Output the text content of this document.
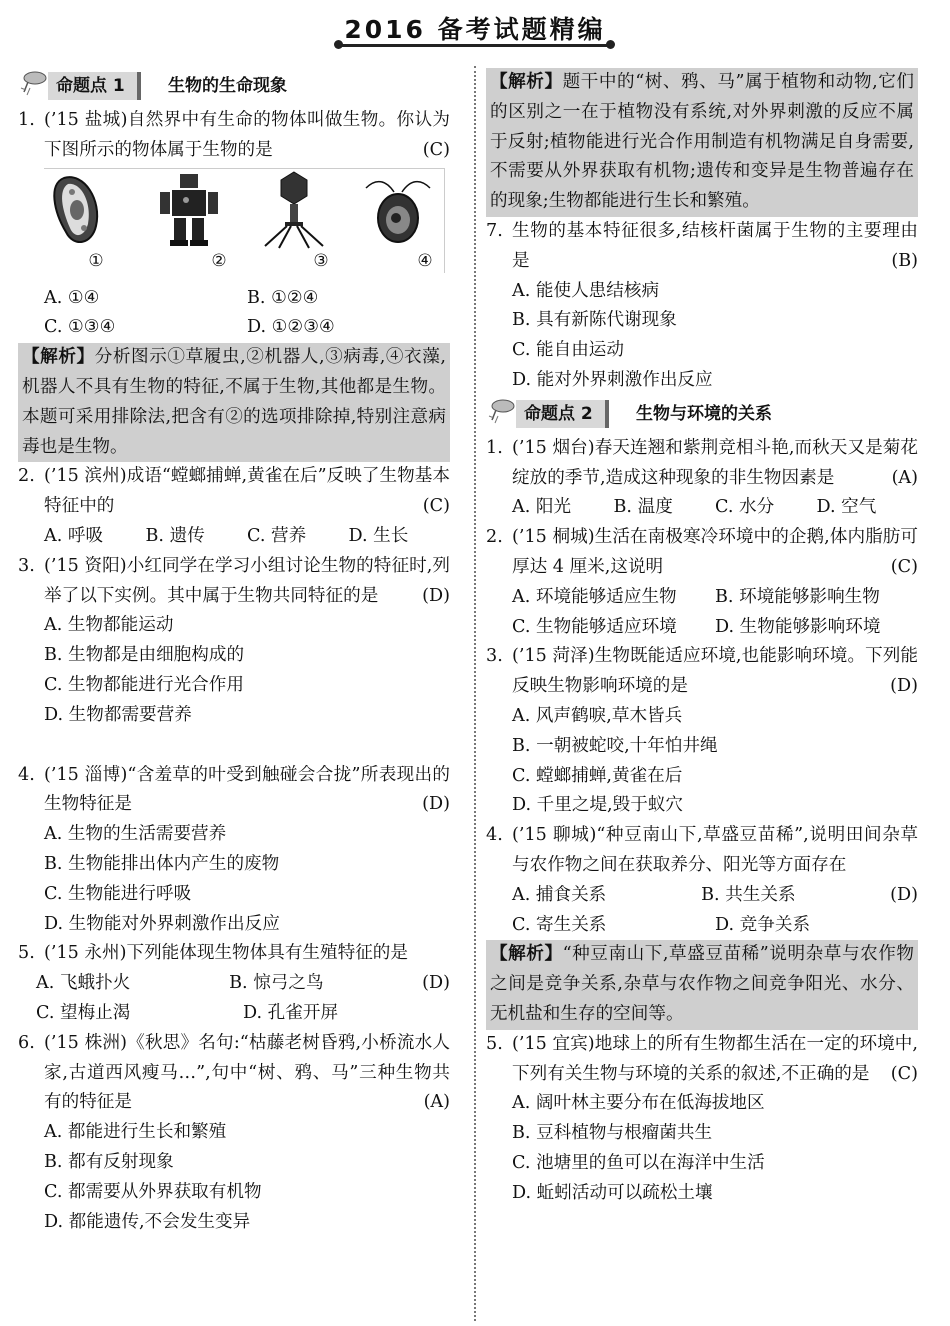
2016 备考试题精编
命题点 1	生物的生命现象
1. (’15 盐城)自然界中有生命的物体叫做生物。你认为下图所示的物体属于生物的是	(C)
①	②	③	④
A. ①④	B. ①②④
C. ①③④	D. ①②③④
【解析】分析图示①草履虫,②机器人,③病毒,④衣藻,机器人不具有生物的特征,不属于生物,其他都是生物。本题可采用排除法,把含有②的选项排除掉,特别注意病毒也是生物。
2. (’15 滨州)成语“螳螂捕蝉,黄雀在后”反映了生物基本特征中的	(C)
A. 呼吸	B. 遗传	C. 营养	D. 生长
3. (’15 资阳)小红同学在学习小组讨论生物的特征时,列举了以下实例。其中属于生物共同特征的是 (D)
A. 生物都能运动
B. 生物都是由细胞构成的
C. 生物都能进行光合作用
D. 生物都需要营养
4. (’15 淄博)“含羞草的叶受到触碰会合拢”所表现出的生物特征是	(D)
A. 生物的生活需要营养
B. 生物能排出体内产生的废物
C. 生物能进行呼吸
D. 生物能对外界刺激作出反应
5. (’15 永州)下列能体现生物体具有生殖特征的是

(D)
A. 飞蛾扑火	B. 惊弓之鸟
C. 望梅止渴	D. 孔雀开屏
6. (’15 株洲)《秋思》名句:“枯藤老树昏鸦,小桥流水人家,古道西风瘦马…”,句中“树、鸦、马”三种生物共有的特征是	(A)
A. 都能进行生长和繁殖
B. 都有反射现象
C. 都需要从外界获取有机物
D. 都能遗传,不会发生变异
【解析】题干中的“树、鸦、马”属于植物和动物,它们的区别之一在于植物没有系统,对外界刺激的反应不属于反射;植物能进行光合作用制造有机物满足自身需要,不需要从外界获取有机物;遗传和变异是生物普遍存在的现象;生物都能进行生长和繁殖。
7. 生物的基本特征很多,结核杆菌属于生物的主要理由是	(B)
A. 能使人患结核病
B. 具有新陈代谢现象
C. 能自由运动
D. 能对外界刺激作出反应
命题点 2	生物与环境的关系
1. (’15 烟台)春天连翘和紫荆竞相斗艳,而秋天又是菊花绽放的季节,造成这种现象的非生物因素是	(A)
A. 阳光	B. 温度	C. 水分	D. 空气
2. (’15 桐城)生活在南极寒冷环境中的企鹅,体内脂肪可厚达 4 厘米,这说明	(C)
A. 环境能够适应生物	B. 环境能够影响生物
C. 生物能够适应环境	D. 生物能够影响环境
3. (’15 菏泽)生物既能适应环境,也能影响环境。下列能反映生物影响环境的是	(D)
A. 风声鹤唳,草木皆兵
B. 一朝被蛇咬,十年怕井绳
C. 螳螂捕蝉,黄雀在后
D. 千里之堤,毁于蚁穴
4. (’15 聊城)“种豆南山下,草盛豆苗稀”,说明田间杂草与农作物之间在获取养分、阳光等方面存在

(D)
A. 捕食关系	B. 共生关系
C. 寄生关系	D. 竞争关系
【解析】“种豆南山下,草盛豆苗稀”说明杂草与农作物之间是竞争关系,杂草与农作物之间竞争阳光、水分、无机盐和生存的空间等。
5. (’15 宜宾)地球上的所有生物都生活在一定的环境中,下列有关生物与环境的关系的叙述,不正确的是 (C)
A. 阔叶林主要分布在低海拔地区
B. 豆科植物与根瘤菌共生
C. 池塘里的鱼可以在海洋中生活
D. 蚯蚓活动可以疏松土壤
